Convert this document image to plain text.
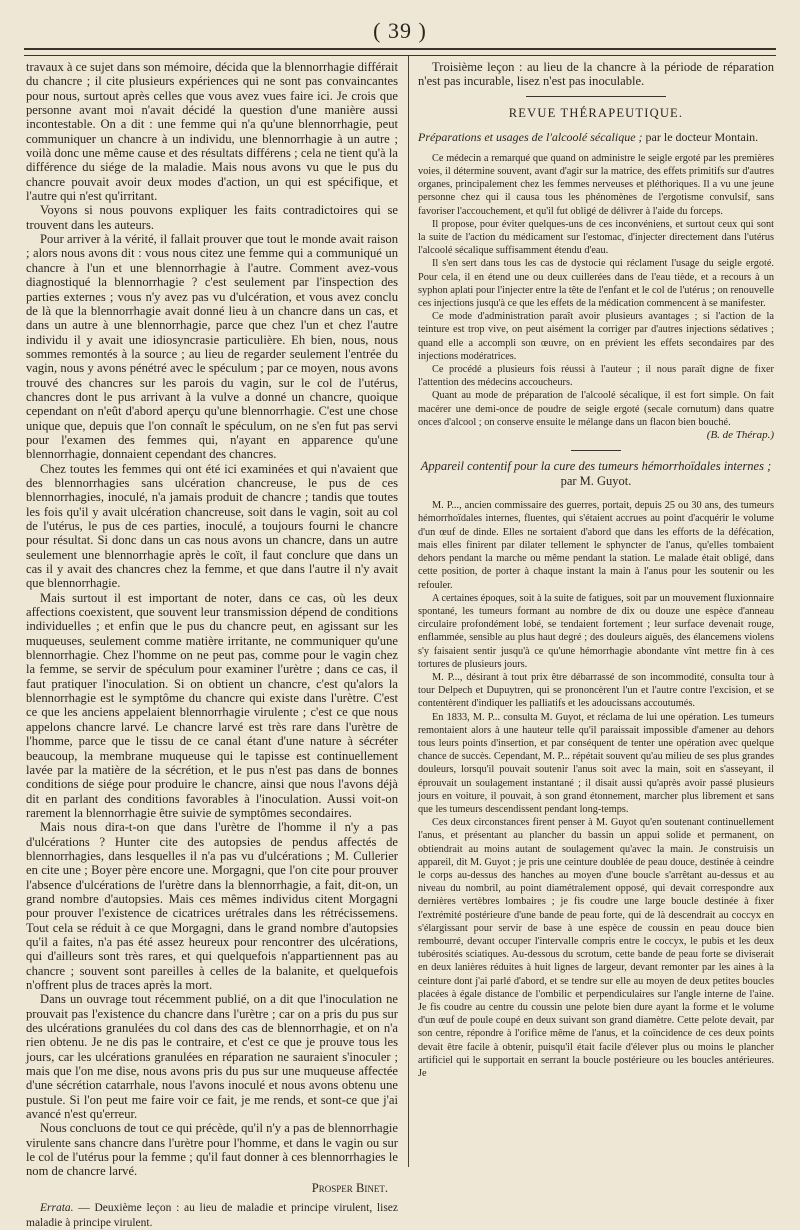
( 39 )

travaux à ce sujet dans son mémoire, décida que la blennorrhagie différait du chancre ; il cite plusieurs expériences qui ne sont pas convaincantes pour nous, surtout après celles que vous avez vues faire ici. Je crois que personne avant moi n'avait décidé la question d'une manière aussi incontestable. On a dit : une femme qui n'a qu'une blennorrhagie, peut communiquer un chancre à un individu, une blennorrhagie à un autre ; voilà donc une même cause et des résultats différens ; cela ne tient qu'à la différence du siége de la maladie. Mais nous avons vu que le pus du chancre pouvait avoir deux modes d'action, un qui est spécifique, et l'autre qui n'est qu'irritant.

Voyons si nous pouvons expliquer les faits contradictoires qui se trouvent dans les auteurs.

Pour arriver à la vérité, il fallait prouver que tout le monde avait raison ; alors nous avons dit : vous nous citez une femme qui a communiqué un chancre à l'un et une blennorrhagie à l'autre. Comment avez-vous diagnostiqué la blennorrhagie ? c'est seulement par l'inspection des parties externes ; vous n'y avez pas vu d'ulcération, et vous avez conclu de là que la blennorrhagie avait donné lieu à un chancre dans un cas, et dans un autre à une blennorrhagie, parce que chez l'un et chez l'autre individu il y avait une idiosyncrasie particulière. Eh bien, nous, nous sommes remontés à la source ; au lieu de regarder seulement l'entrée du vagin, nous y avons pénétré avec le spéculum ; par ce moyen, nous avons trouvé des chancres sur les parois du vagin, sur le col de l'utérus, chancres dont le pus arrivant à la vulve a donné un chancre, quoique cependant on n'eût d'abord aperçu qu'une blennorrhagie. C'est une chose unique que, depuis que l'on connaît le spéculum, on ne s'en fut pas servi pour l'examen des femmes qui, n'ayant en apparence qu'une blennorrhagie, donnaient cependant des chancres.

Chez toutes les femmes qui ont été ici examinées et qui n'avaient que des blennorrhagies sans ulcération chancreuse, le pus de ces blennorrhagies, inoculé, n'a jamais produit de chancre ; tandis que toutes les fois qu'il y avait ulcération chancreuse, soit dans le vagin, soit au col de l'utérus, le pus de ces parties, inoculé, a toujours fourni le chancre pour résultat. Si donc dans un cas nous avons un chancre, dans un autre seulement une blennorrhagie après le coït, il faut conclure que dans un cas il y avait des chancres chez la femme, et que dans l'autre il n'y avait que blennorrhagie.

Mais surtout il est important de noter, dans ce cas, où les deux affections coexistent, que souvent leur transmission dépend de conditions individuelles ; et enfin que le pus du chancre peut, en agissant sur les muqueuses, seulement comme matière irritante, ne communiquer qu'une blennorrhagie. Chez l'homme on ne peut pas, comme pour le vagin chez la femme, se servir de spéculum pour examiner l'urètre ; dans ce cas, il faut pratiquer l'inoculation. Si on obtient un chancre, c'est qu'alors la blennorrhagie est le symptôme du chancre qui existe dans l'urètre. C'est ce que les anciens appelaient blennorrhagie virulente ; c'est ce que nous appelons chancre larvé. Le chancre larvé est très rare dans l'urètre de l'homme, parce que le tissu de ce canal étant d'une nature à sécréter beaucoup, la membrane muqueuse qui le tapisse est continuellement lavée par la matière de la sécrétion, et le pus n'est pas dans de bonnes conditions de siége pour produire le chancre, ainsi que nous l'avons déjà dit en parlant des conditions favorables à l'inoculation. Aussi voit-on rarement la blennorrhagie être suivie de symptômes secondaires.

Mais nous dira-t-on que dans l'urètre de l'homme il n'y a pas d'ulcérations ? Hunter cite des autopsies de pendus affectés de blennorrhagies, dans lesquelles il n'a pas vu d'ulcérations ; M. Cullerier en cite une ; Boyer père encore une. Morgagni, que l'on cite pour prouver l'absence d'ulcérations de l'urètre dans la blennorrhagie, a fait, dit-on, un grand nombre d'autopsies. Mais ces mêmes individus citent Morgagni pour prouver l'existence de cicatrices urétrales dans les rétrécissemens. Tout cela se réduit à ce que Morgagni, dans le grand nombre d'autopsies qu'il a faites, n'a pas été assez heureux pour rencontrer des ulcérations, qui d'ailleurs sont très rares, et qui quelquefois n'appartiennent pas au chancre ; souvent sont pareilles à celles de la balanite, et quelquefois n'offrent plus de traces après la mort.

Dans un ouvrage tout récemment publié, on a dit que l'inoculation ne prouvait pas l'existence du chancre dans l'urètre ; car on a pris du pus sur des ulcérations granulées du col dans des cas de blennorrhagie, et on n'a rien obtenu. Je ne dis pas le contraire, et c'est ce que je prouve tous les jours, car les ulcérations granulées en réparation ne sauraient s'inoculer ; mais que l'on me dise, nous avons pris du pus sur une muqueuse affectée d'une sécrétion catarrhale, nous l'avons inoculé et nous avons obtenu une pustule. Si l'on peut me faire voir ce fait, je me rends, et sont-ce que j'ai avancé n'est qu'erreur.

Nous concluons de tout ce qui précède, qu'il n'y a pas de blennorrhagie virulente sans chancre dans l'urètre pour l'homme, et dans le vagin ou sur le col de l'utérus pour la femme ; qu'il faut donner à ces blennorrhagies le nom de chancre larvé.

Prosper Binet.

Errata. — Deuxième leçon : au lieu de maladie et principe virulent, lisez maladie à principe virulent.

Troisième leçon : au lieu de la chancre à la période de réparation n'est pas incurable, lisez n'est pas inoculable.

REVUE THÉRAPEUTIQUE.

Préparations et usages de l'alcoolé sécalique ; par le docteur Montain.

Ce médecin a remarqué que quand on administre le seigle ergoté par les premières voies, il détermine souvent, avant d'agir sur la matrice, des effets primitifs sur d'autres organes, principalement chez les femmes nerveuses et pléthoriques. Il a vu une jeune personne chez qui il causa tous les phénomènes de l'ergotisme convulsif, sans favoriser l'accouchement, et qu'il fut obligé de délivrer à l'aide du forceps.

Il propose, pour éviter quelques-uns de ces inconvéniens, et surtout ceux qui sont la suite de l'action du médicament sur l'estomac, d'injecter directement dans l'utérus l'alcoolé sécalique suffisamment étendu d'eau.

Il s'en sert dans tous les cas de dystocie qui réclament l'usage du seigle ergoté. Pour cela, il en étend une ou deux cuillerées dans de l'eau tiède, et a recours à un syphon aplati pour l'injecter entre la tête de l'enfant et le col de l'utérus ; on renouvelle ces injections jusqu'à ce que les effets de la médication commencent à se manifester.

Ce mode d'administration paraît avoir plusieurs avantages ; si l'action de la teinture est trop vive, on peut aisément la corriger par d'autres injections sédatives ; quand elle a accompli son œuvre, on en prévient les effets secondaires par des injections modératrices.

Ce procédé a plusieurs fois réussi à l'auteur ; il nous paraît digne de fixer l'attention des médecins accoucheurs.

Quant au mode de préparation de l'alcoolé sécalique, il est fort simple. On fait macérer une demi-once de poudre de seigle ergoté (secale cornutum) dans quatre onces d'alcool ; on conserve ensuite le mélange dans un flacon bien bouché.

(B. de Thérap.)

Appareil contentif pour la cure des tumeurs hémorrhoïdales internes ;
par M. Guyot.

M. P..., ancien commissaire des guerres, portait, depuis 25 ou 30 ans, des tumeurs hémorrhoïdales internes, fluentes, qui s'étaient accrues au point d'acquérir le volume d'un œuf de dinde. Elles ne sortaient d'abord que dans les efforts de la défécation, mais elles finirent par dilater tellement le sphyncter de l'anus, qu'elles tombaient dehors pendant la marche ou même pendant la station. Le malade était obligé, dans cette position, de porter à chaque instant la main à l'anus pour les soutenir ou les refouler.

A certaines époques, soit à la suite de fatigues, soit par un mouvement fluxionnaire spontané, les tumeurs formant au nombre de dix ou douze une espèce d'anneau circulaire profondément lobé, se tendaient fortement ; leur surface devenait rouge, enflammée, sensible au plus haut degré ; des douleurs aiguës, des élancemens violens s'y faisaient sentir jusqu'à ce qu'une hémorrhagie abondante vînt mettre fin à ces tortures de plusieurs jours.

M. P..., désirant à tout prix être débarrassé de son incommodité, consulta tour à tour Delpech et Dupuytren, qui se prononcèrent l'un et l'autre contre l'excision, et se contentèrent d'indiquer les palliatifs et les adoucissans accoutumés.

En 1833, M. P... consulta M. Guyot, et réclama de lui une opération. Les tumeurs remontaient alors à une hauteur telle qu'il paraissait impossible d'amener au dehors tous leurs points d'insertion, et par conséquent de tenter une opération avec quelque chance de succès. Cependant, M. P... répétait souvent qu'au milieu de ses plus grandes douleurs, lorsqu'il pouvait soutenir l'anus soit avec la main, soit en s'asseyant, il éprouvait un soulagement instantané ; il disait aussi qu'après avoir passé plusieurs jours en voiture, il pouvait, à son grand étonnement, marcher plus librement et sans que les tumeurs descendissent pendant long-temps.

Ces deux circonstances firent penser à M. Guyot qu'en soutenant continuellement l'anus, et présentant au plancher du bassin un appui solide et permanent, on obtiendrait au moins autant de soulagement qu'avec la main. Je construisis un appareil, dit M. Guyot ; je pris une ceinture doublée de peau douce, destinée à ceindre le corps au-dessus des hanches au moyen d'une boucle s'arrêtant au-dessus et au niveau du nombril, au point diamétralement opposé, qui devait correspondre aux dernières vertèbres lombaires ; je fis coudre une large boucle destinée à fixer l'extrémité postérieure d'une bande de peau forte, qui de là descendrait au coccyx en s'élargissant pour servir de base à une espèce de coussin en peau douce bien rembourré, devant occuper l'intervalle compris entre le coccyx, le pubis et les deux tubérosités sciatiques. Au-dessous du scrotum, cette bande de peau forte se diviserait en deux lanières réduites à huit lignes de largeur, devant remonter par les aines à la ceinture dont j'ai parlé d'abord, et se tendre sur elle au moyen de deux petites boucles placées à égale distance de l'ombilic et perpendiculaires sur l'angle interne de l'aine. Je fis coudre au centre du coussin une pelote bien dure ayant la forme et le volume d'un œuf de poule coupé en deux suivant son grand diamètre. Cette pelote devait, par son centre, répondre à l'orifice même de l'anus, et la coïncidence de ces deux points devait être facile à obtenir, puisqu'il était facile d'élever plus ou moins le plancher artificiel qui le supportait en serrant la boucle postérieure ou les boucles antérieures. Je
